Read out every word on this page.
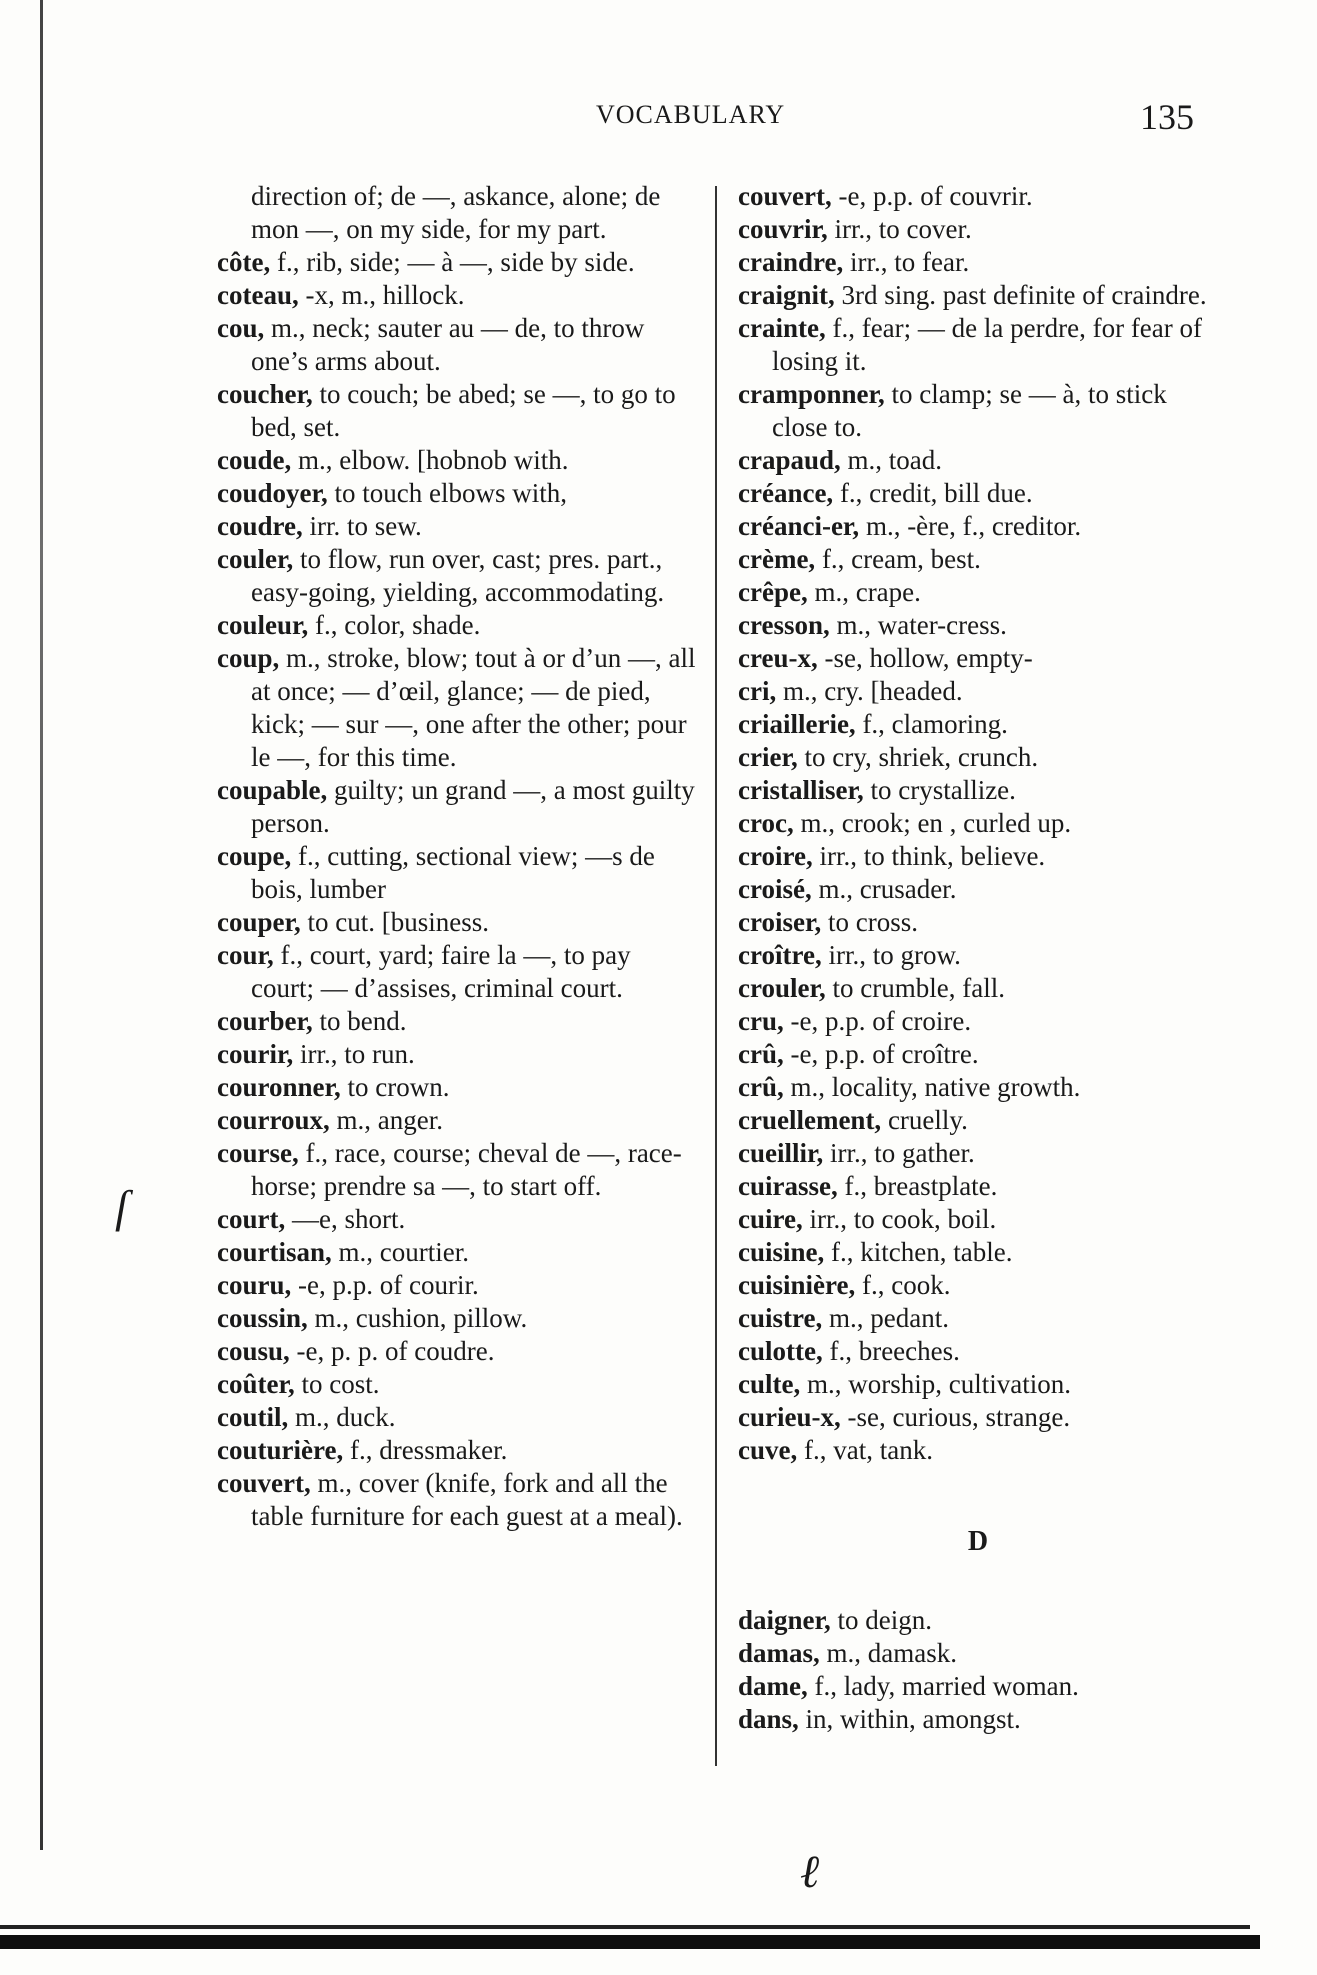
VOCABULARY	135

direction of; de —, askance, alone; de mon —, on my side, for my part.

côte, f., rib, side; — à —, side by side.

coteau, -x, m., hillock.

cou, m., neck; sauter au — de, to throw one’s arms about.

coucher, to couch; be abed; se —, to go to bed, set.

coude, m., elbow. [hobnob with.

coudoyer, to touch elbows with,

coudre, irr. to sew.

couler, to flow, run over, cast; pres. part., easy-going, yielding, accommodating.

couleur, f., color, shade.

coup, m., stroke, blow; tout à or d’un —, all at once; — d’œil, glance; — de pied, kick; — sur —, one after the other; pour le —, for this time.

coupable, guilty; un grand —, a most guilty person.

coupe, f., cutting, sectional view; —s de bois, lumber

couper, to cut. [business.

cour, f., court, yard; faire la —, to pay court; — d’assises, criminal court.

courber, to bend.

courir, irr., to run.

couronner, to crown.

courroux, m., anger.

course, f., race, course; cheval de —, race-horse; prendre sa —, to start off.

court, —e, short.

courtisan, m., courtier.

couru, -e, p.p. of courir.

coussin, m., cushion, pillow.

cousu, -e, p. p. of coudre.

coûter, to cost.

coutil, m., duck.

couturière, f., dressmaker.

couvert, m., cover (knife, fork and all the table furniture for each guest at a meal).

couvert, -e, p.p. of couvrir.

couvrir, irr., to cover.

craindre, irr., to fear.

craignit, 3rd sing. past definite of craindre.

crainte, f., fear; — de la perdre, for fear of losing it.

cramponner, to clamp; se — à, to stick close to.

crapaud, m., toad.

créance, f., credit, bill due.

créanci-er, m., -ère, f., creditor.

crème, f., cream, best.

crêpe, m., crape.

cresson, m., water-cress.

creu-x, -se, hollow, empty-

cri, m., cry. [headed.

criaillerie, f., clamoring.

crier, to cry, shriek, crunch.

cristalliser, to crystallize.

croc, m., crook; en , curled up.

croire, irr., to think, believe.

croisé, m., crusader.

croiser, to cross.

croître, irr., to grow.

crouler, to crumble, fall.

cru, -e, p.p. of croire.

crû, -e, p.p. of croître.

crû, m., locality, native growth.

cruellement, cruelly.

cueillir, irr., to gather.

cuirasse, f., breastplate.

cuire, irr., to cook, boil.

cuisine, f., kitchen, table.

cuisinière, f., cook.

cuistre, m., pedant.

culotte, f., breeches.

culte, m., worship, cultivation.

curieu-x, -se, curious, strange.

cuve, f., vat, tank.

D

daigner, to deign.

damas, m., damask.

dame, f., lady, married woman.

dans, in, within, amongst.

ſ
ℓ
